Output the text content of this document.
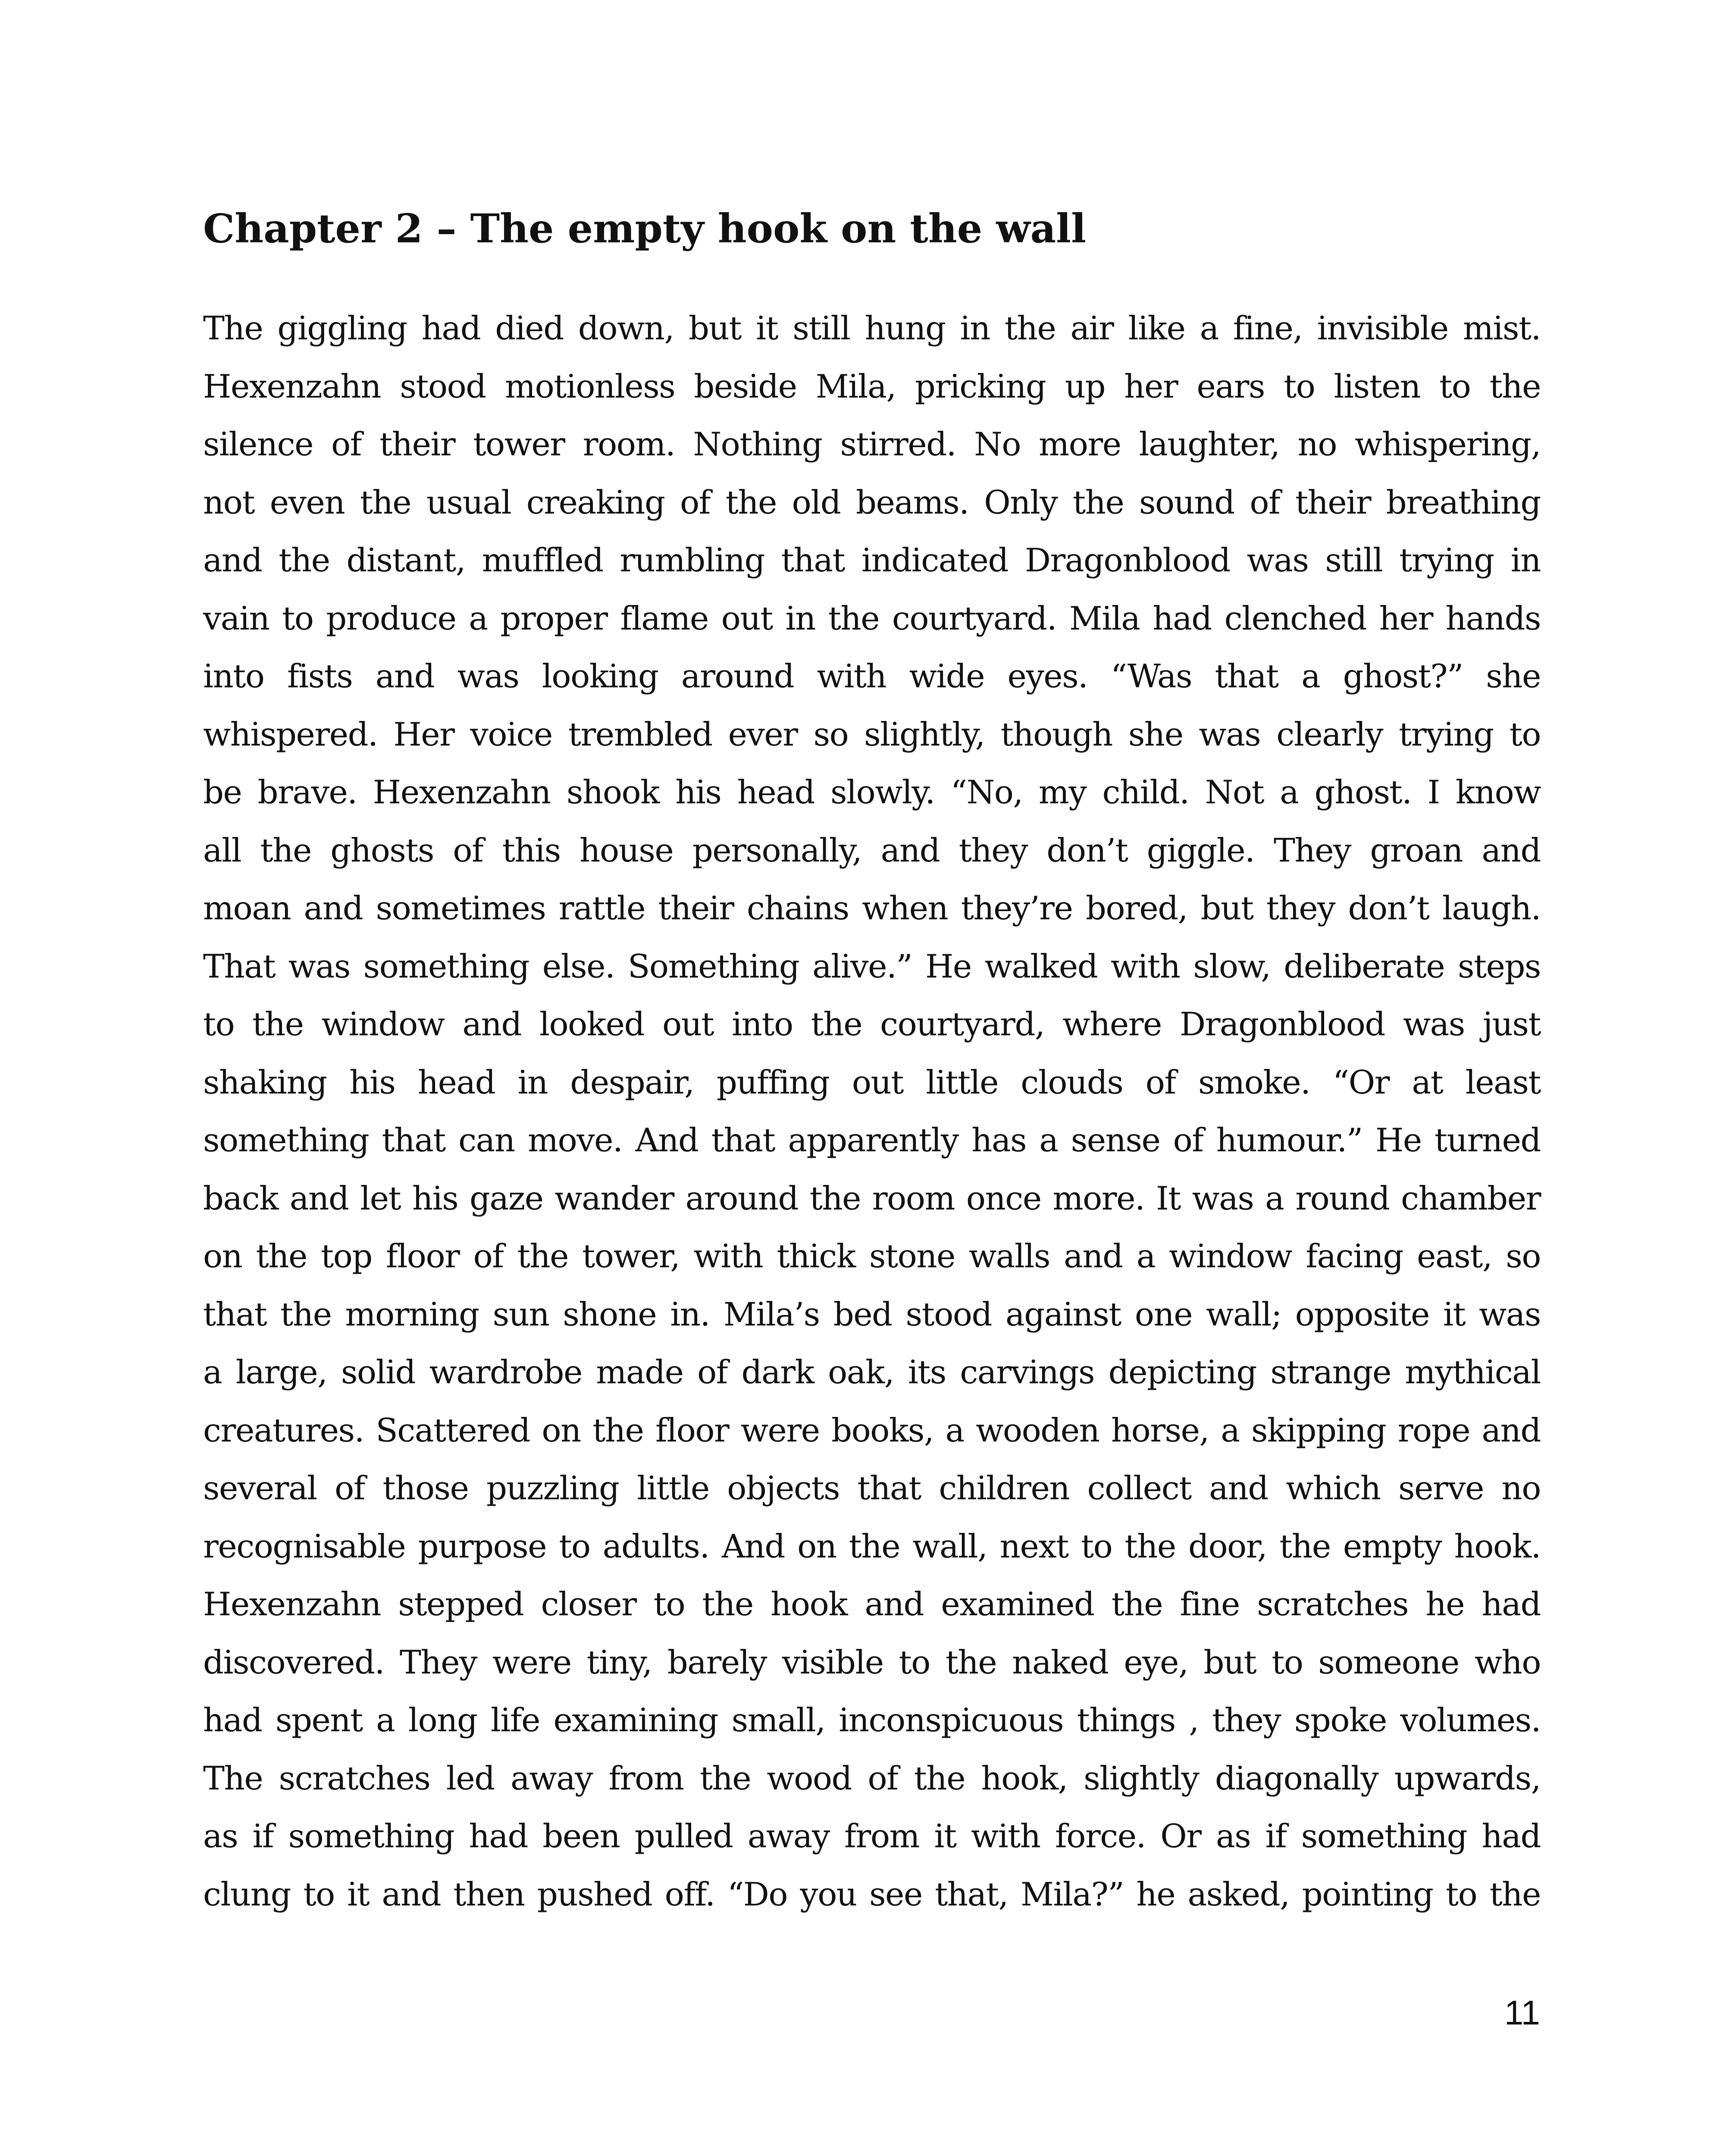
Chapter 2 – The empty hook on the wall
The giggling had died down, but it still hung in the air like a fine, invisible mist.
Hexenzahn stood motionless beside Mila, pricking up her ears to listen to the
silence of their tower room. Nothing stirred. No more laughter, no whispering,
not even the usual creaking of the old beams. Only the sound of their breathing
and the distant, muffled rumbling that indicated Dragonblood was still trying in
vain to produce a proper flame out in the courtyard. Mila had clenched her hands
into fists and was looking around with wide eyes. “Was that a ghost?” she
whispered. Her voice trembled ever so slightly, though she was clearly trying to
be brave. Hexenzahn shook his head slowly. “No, my child. Not a ghost. I know
all the ghosts of this house personally, and they don’t giggle. They groan and
moan and sometimes rattle their chains when they’re bored, but they don’t laugh.
That was something else. Something alive.” He walked with slow, deliberate steps
to the window and looked out into the courtyard, where Dragonblood was just
shaking his head in despair, puffing out little clouds of smoke. “Or at least
something that can move. And that apparently has a sense of humour.” He turned
back and let his gaze wander around the room once more. It was a round chamber
on the top floor of the tower, with thick stone walls and a window facing east, so
that the morning sun shone in. Mila’s bed stood against one wall; opposite it was
a large, solid wardrobe made of dark oak, its carvings depicting strange mythical
creatures. Scattered on the floor were books, a wooden horse, a skipping rope and
several of those puzzling little objects that children collect and which serve no
recognisable purpose to adults. And on the wall, next to the door, the empty hook.
Hexenzahn stepped closer to the hook and examined the fine scratches he had
discovered. They were tiny, barely visible to the naked eye, but to someone who
had spent a long life examining small, inconspicuous things , they spoke volumes.
The scratches led away from the wood of the hook, slightly diagonally upwards,
as if something had been pulled away from it with force. Or as if something had
clung to it and then pushed off. “Do you see that, Mila?” he asked, pointing to the
11
